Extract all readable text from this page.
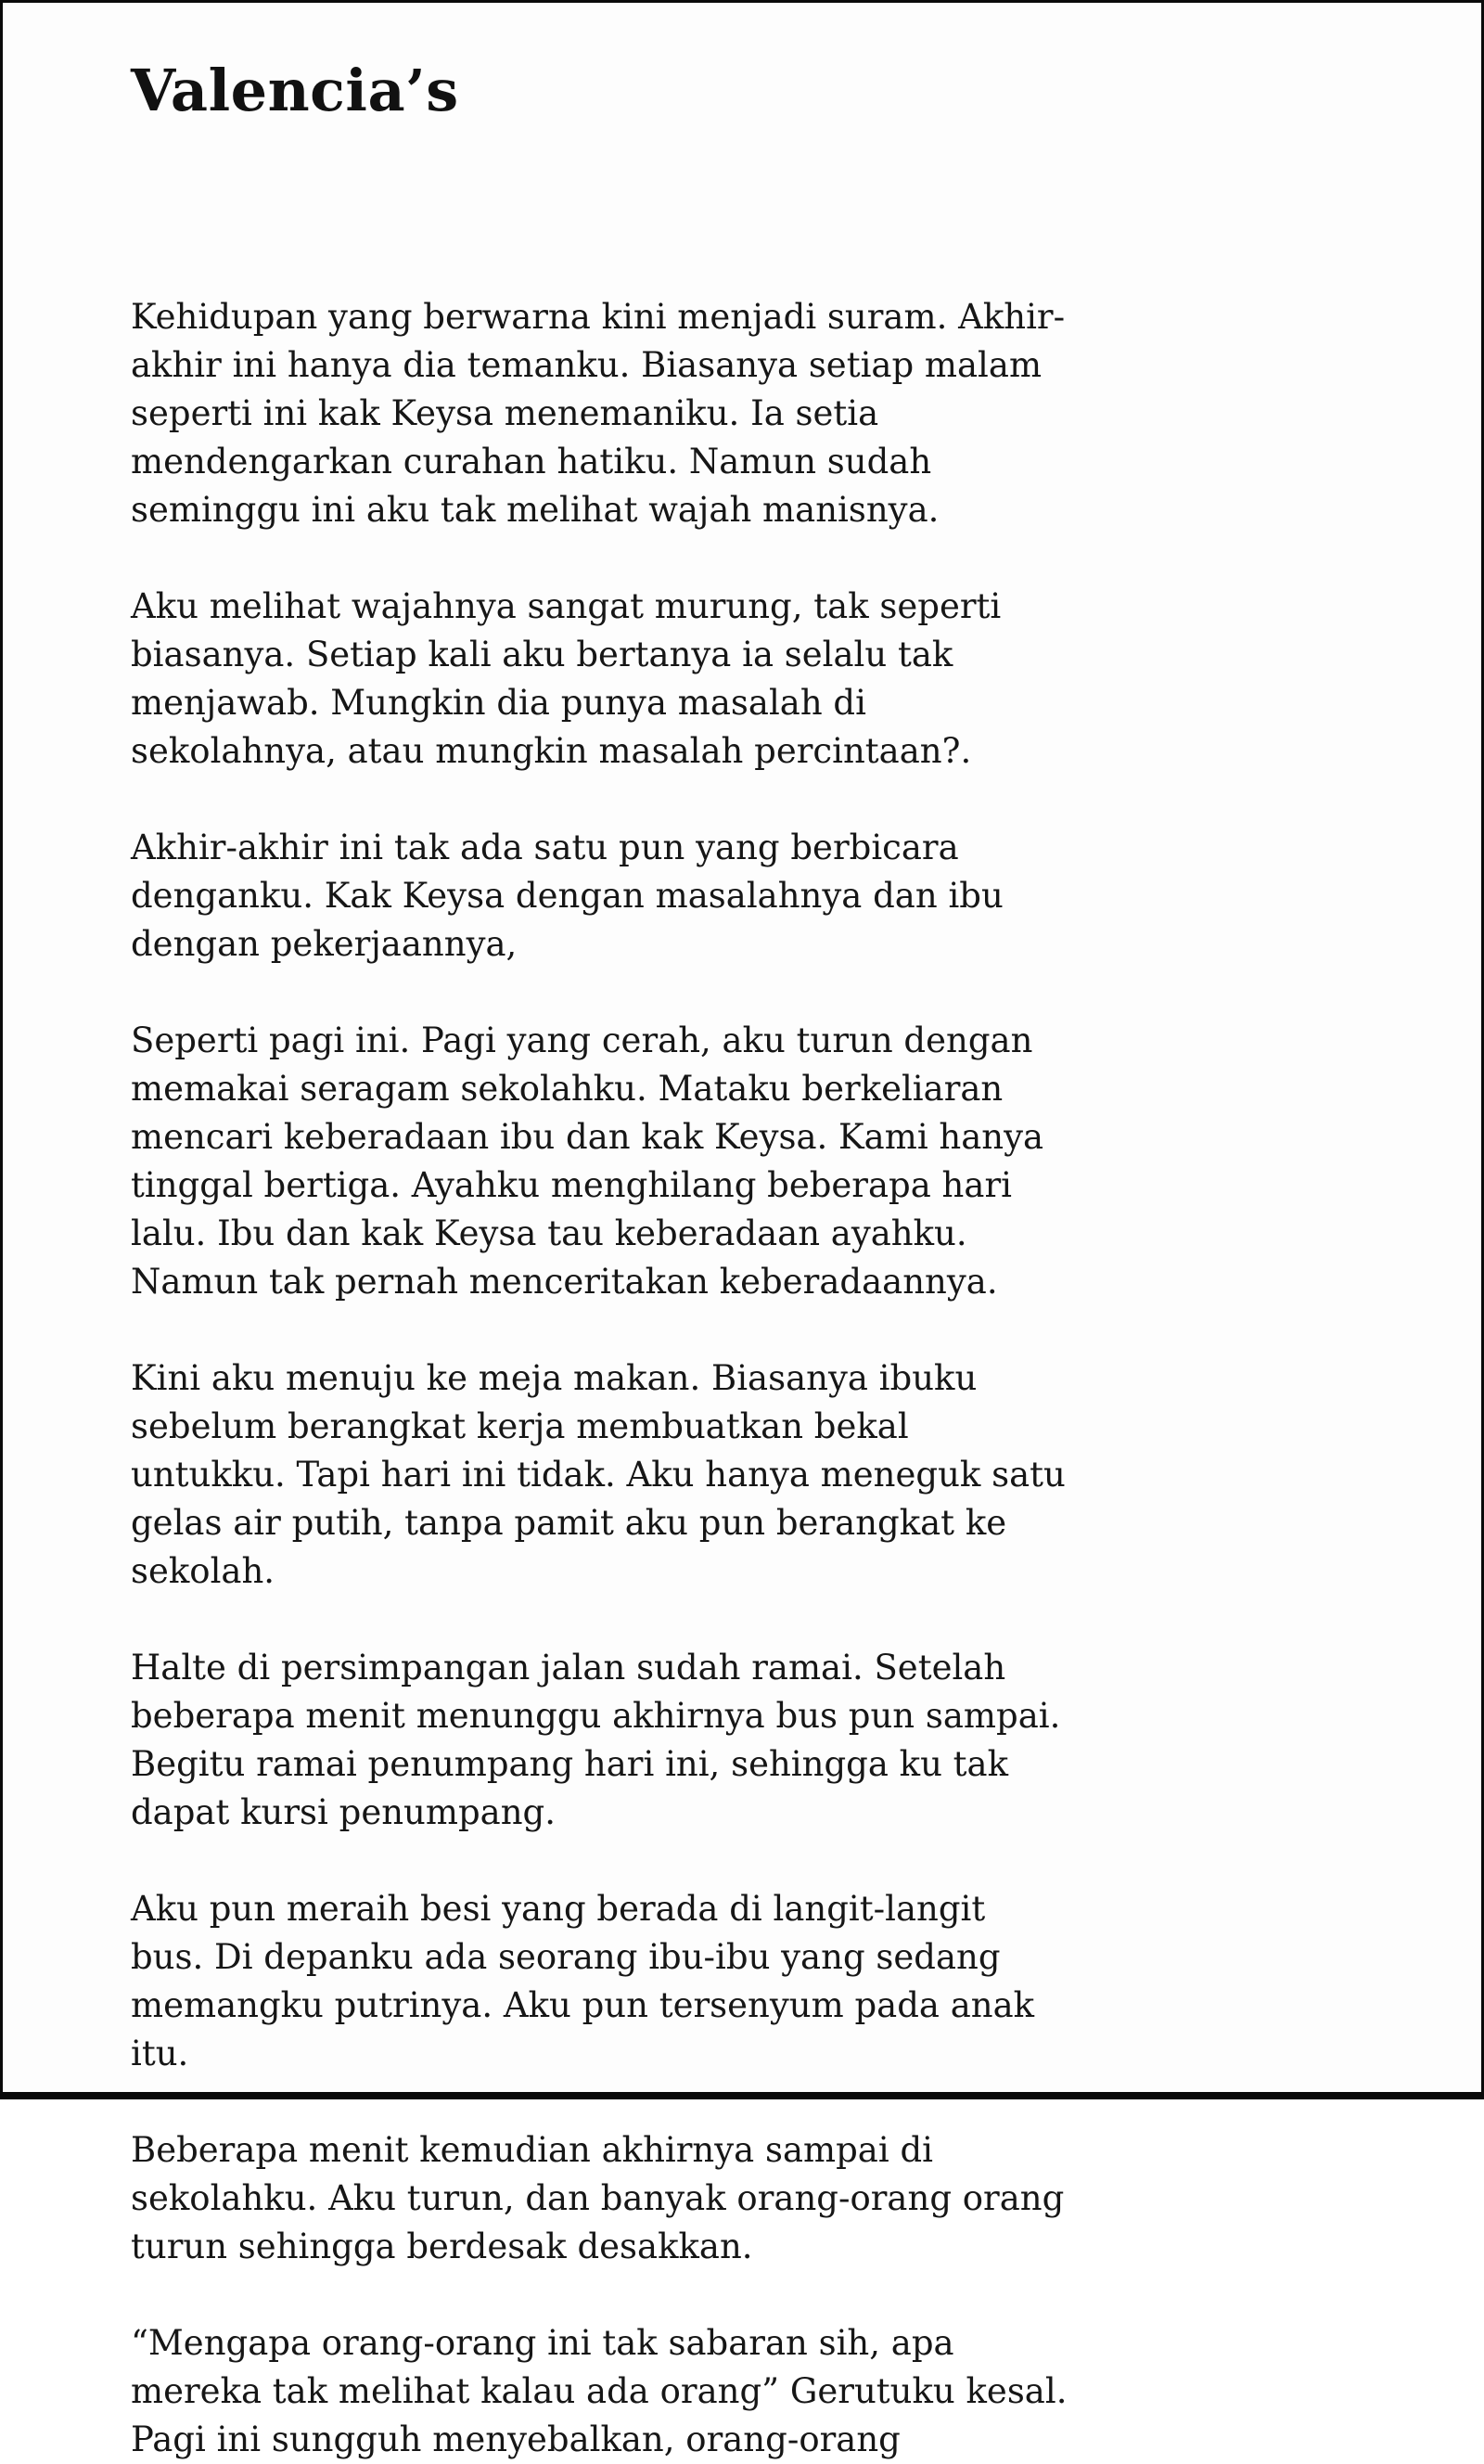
Valencia’s

Kehidupan yang berwarna kini menjadi suram. Akhir-akhir ini hanya dia temanku. Biasanya setiap malam seperti ini kak Keysa menemaniku. Ia setia mendengarkan curahan hatiku. Namun sudah seminggu ini aku tak melihat wajah manisnya.

Aku melihat wajahnya sangat murung, tak seperti biasanya. Setiap kali aku bertanya ia selalu tak menjawab. Mungkin dia punya masalah di sekolahnya, atau mungkin masalah percintaan?.

Akhir-akhir ini tak ada satu pun yang berbicara denganku. Kak Keysa dengan masalahnya dan ibu dengan pekerjaannya,

Seperti pagi ini. Pagi yang cerah, aku turun dengan memakai seragam sekolahku. Mataku berkeliaran mencari keberadaan ibu dan kak Keysa. Kami hanya tinggal bertiga. Ayahku menghilang beberapa hari lalu. Ibu dan kak Keysa tau keberadaan ayahku. Namun tak pernah menceritakan keberadaannya.

Kini aku menuju ke meja makan. Biasanya ibuku sebelum berangkat kerja membuatkan bekal untukku. Tapi hari ini tidak. Aku hanya meneguk satu gelas air putih, tanpa pamit aku pun berangkat ke sekolah.

Halte di persimpangan jalan sudah ramai. Setelah beberapa menit menunggu akhirnya bus pun sampai. Begitu ramai penumpang hari ini, sehingga ku tak dapat kursi penumpang.

Aku pun meraih besi yang berada di langit-langit bus. Di depanku ada seorang ibu-ibu yang sedang memangku putrinya. Aku pun tersenyum pada anak itu.

Beberapa menit kemudian akhirnya sampai di sekolahku. Aku turun, dan banyak orang-orang orang turun sehingga berdesak desakkan.

“Mengapa orang-orang ini tak sabaran sih, apa mereka tak melihat kalau ada orang” Gerutuku kesal. Pagi ini sungguh menyebalkan, orang-orang
